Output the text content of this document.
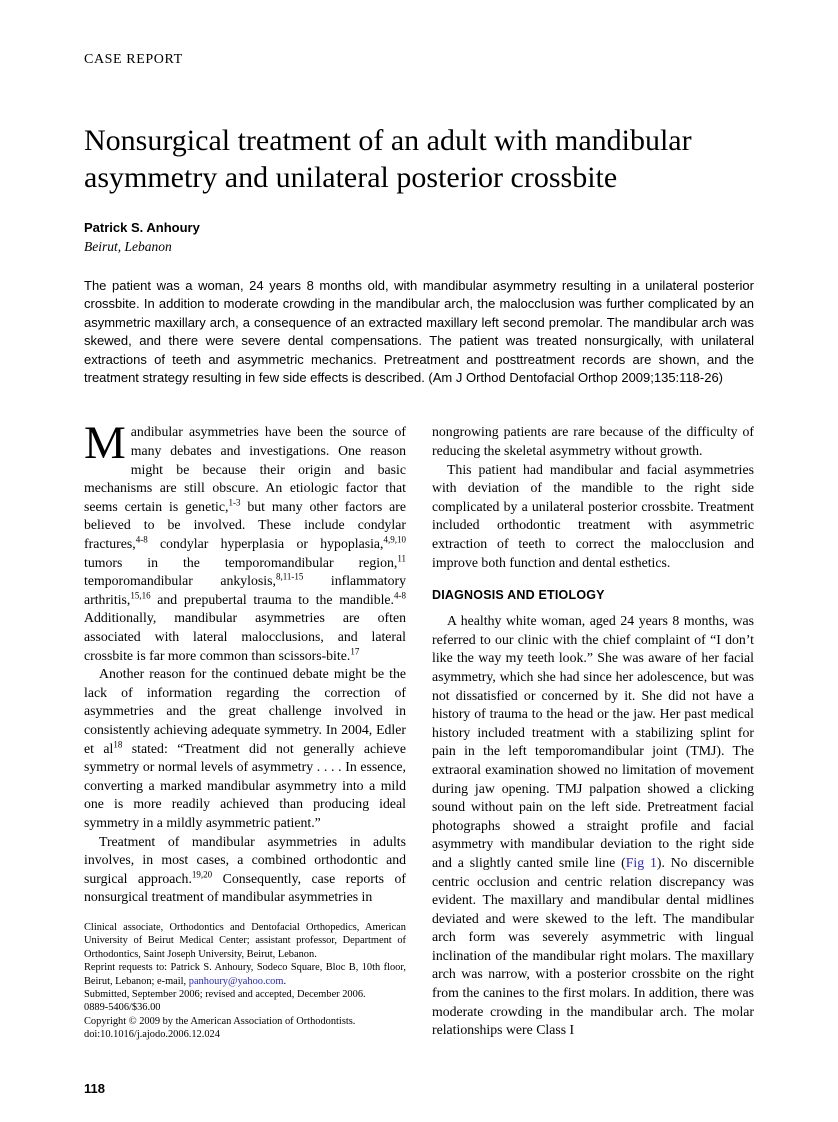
CASE REPORT
Nonsurgical treatment of an adult with mandibular asymmetry and unilateral posterior crossbite
Patrick S. Anhoury
Beirut, Lebanon

The patient was a woman, 24 years 8 months old, with mandibular asymmetry resulting in a unilateral posterior crossbite. In addition to moderate crowding in the mandibular arch, the malocclusion was further complicated by an asymmetric maxillary arch, a consequence of an extracted maxillary left second premolar. The mandibular arch was skewed, and there were severe dental compensations. The patient was treated nonsurgically, with unilateral extractions of teeth and asymmetric mechanics. Pretreatment and posttreatment records are shown, and the treatment strategy resulting in few side effects is described. (Am J Orthod Dentofacial Orthop 2009;135:118-26)

Mandibular asymmetries have been the source of many debates and investigations. One reason might be because their origin and basic mechanisms are still obscure. An etiologic factor that seems certain is genetic,$^{1-3}$ but many other factors are believed to be involved. These include condylar fractures,$^{4-8}$ condylar hyperplasia or hypoplasia,$^{4,9,10}$ tumors in the temporomandibular region,$^{11}$ temporomandibular ankylosis,$^{8,11-15}$ inflammatory arthritis,$^{15,16}$ and prepubertal trauma to the mandible.$^{4-8}$ Additionally, mandibular asymmetries are often associated with lateral malocclusions, and lateral crossbite is far more common than scissors-bite.$^{17}$

Another reason for the continued debate might be the lack of information regarding the correction of asymmetries and the great challenge involved in consistently achieving adequate symmetry. In 2004, Edler et al$^{18}$ stated: “Treatment did not generally achieve symmetry or normal levels of asymmetry . . . . In essence, converting a marked mandibular asymmetry into a mild one is more readily achieved than producing ideal symmetry in a mildly asymmetric patient.”

Treatment of mandibular asymmetries in adults involves, in most cases, a combined orthodontic and surgical approach.$^{19,20}$ Consequently, case reports of nonsurgical treatment of mandibular asymmetries in

Clinical associate, Orthodontics and Dentofacial Orthopedics, American University of Beirut Medical Center; assistant professor, Department of Orthodontics, Saint Joseph University, Beirut, Lebanon.

Reprint requests to: Patrick S. Anhoury, Sodeco Square, Bloc B, 10th floor, Beirut, Lebanon; e-mail, panhoury@yahoo.com.

Submitted, September 2006; revised and accepted, December 2006.

0889-5406/$36.00

Copyright © 2009 by the American Association of Orthodontists.

doi:10.1016/j.ajodo.2006.12.024

nongrowing patients are rare because of the difficulty of reducing the skeletal asymmetry without growth.

This patient had mandibular and facial asymmetries with deviation of the mandible to the right side complicated by a unilateral posterior crossbite. Treatment included orthodontic treatment with asymmetric extraction of teeth to correct the malocclusion and improve both function and dental esthetics.

DIAGNOSIS AND ETIOLOGY

A healthy white woman, aged 24 years 8 months, was referred to our clinic with the chief complaint of “I don’t like the way my teeth look.” She was aware of her facial asymmetry, which she had since her adolescence, but was not dissatisfied or concerned by it. She did not have a history of trauma to the head or the jaw. Her past medical history included treatment with a stabilizing splint for pain in the left temporomandibular joint (TMJ). The extraoral examination showed no limitation of movement during jaw opening. TMJ palpation showed a clicking sound without pain on the left side. Pretreatment facial photographs showed a straight profile and facial asymmetry with mandibular deviation to the right side and a slightly canted smile line (Fig 1). No discernible centric occlusion and centric relation discrepancy was evident. The maxillary and mandibular dental midlines deviated and were skewed to the left. The mandibular arch form was severely asymmetric with lingual inclination of the mandibular right molars. The maxillary arch was narrow, with a posterior crossbite on the right from the canines to the first molars. In addition, there was moderate crowding in the mandibular arch. The molar relationships were Class I

118
